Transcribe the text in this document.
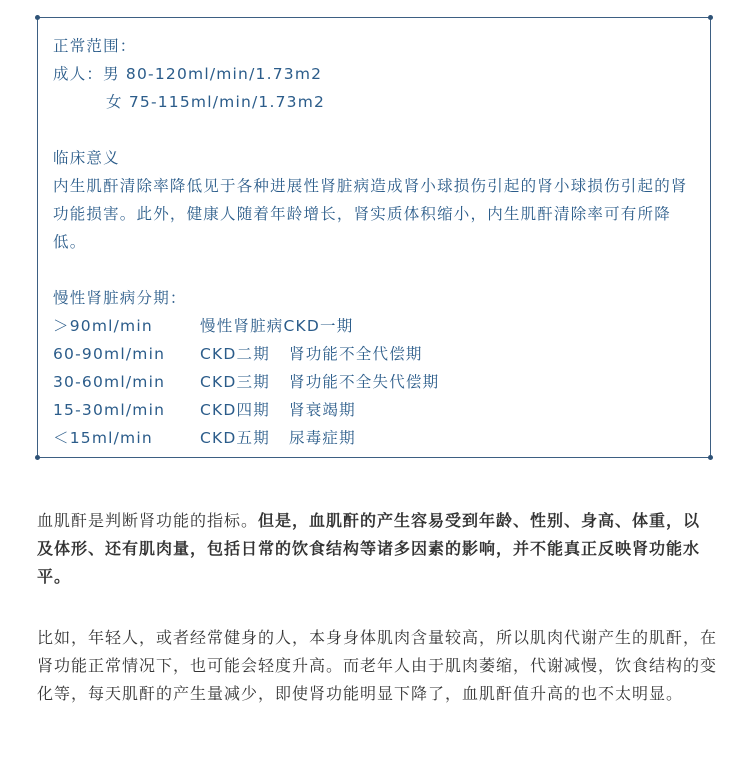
正常范围：
成人：男 80-120ml/min/1.73m2
女 75-115ml/min/1.73m2
临床意义
内生肌酐清除率降低见于各种进展性肾脏病造成肾小球损伤引起的肾小球损伤引起的肾功能损害。此外，健康人随着年龄增长，肾实质体积缩小，内生肌酐清除率可有所降低。
慢性肾脏病分期：
＞90ml/min	慢性肾脏病CKD一期
60-90ml/min	CKD二期	肾功能不全代偿期
30-60ml/min	CKD三期	肾功能不全失代偿期
15-30ml/min	CKD四期	肾衰竭期
＜15ml/min	CKD五期	尿毒症期
血肌酐是判断肾功能的指标。但是，血肌酐的产生容易受到年龄、性别、身高、体重，以及体形、还有肌肉量，包括日常的饮食结构等诸多因素的影响，并不能真正反映肾功能水平。
比如，年轻人，或者经常健身的人，本身身体肌肉含量较高，所以肌肉代谢产生的肌酐，在肾功能正常情况下，也可能会轻度升高。而老年人由于肌肉萎缩，代谢减慢，饮食结构的变化等，每天肌酐的产生量减少，即使肾功能明显下降了，血肌酐值升高的也不太明显。
